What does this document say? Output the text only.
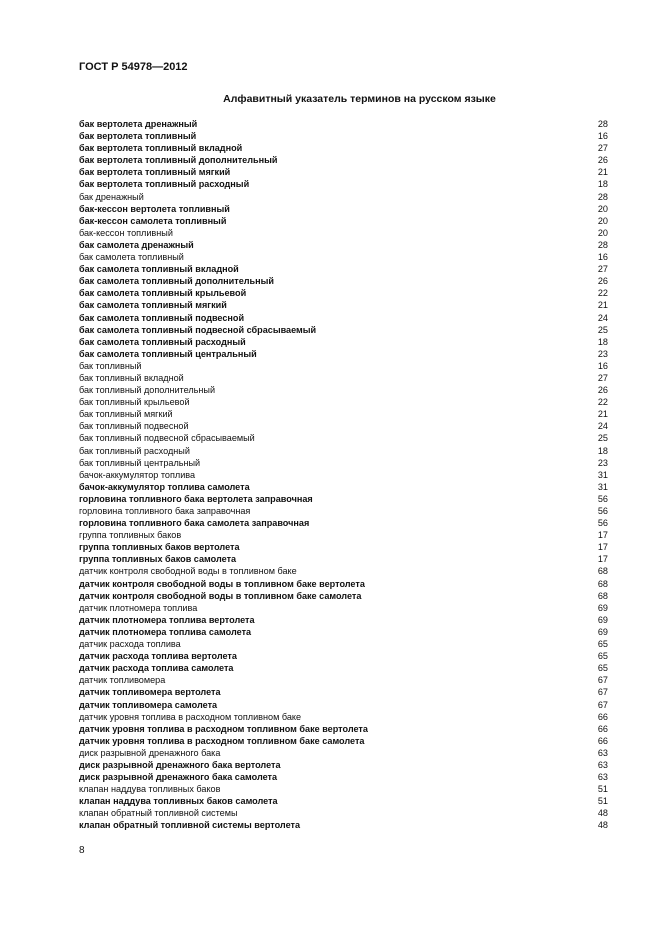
ГОСТ Р 54978—2012
Алфавитный указатель терминов на русском языке
бак вертолета дренажный	28
бак вертолета топливный	16
бак вертолета топливный вкладной	27
бак вертолета топливный дополнительный	26
бак вертолета топливный мягкий	21
бак вертолета топливный расходный	18
бак дренажный	28
бак-кессон вертолета топливный	20
бак-кессон самолета топливный	20
бак-кессон топливный	20
бак самолета дренажный	28
бак самолета топливный	16
бак самолета топливный вкладной	27
бак самолета топливный дополнительный	26
бак самолета топливный крыльевой	22
бак самолета топливный мягкий	21
бак самолета топливный подвесной	24
бак самолета топливный подвесной сбрасываемый	25
бак самолета топливный расходный	18
бак самолета топливный центральный	23
бак топливный	16
бак топливный вкладной	27
бак топливный дополнительный	26
бак топливный крыльевой	22
бак топливный мягкий	21
бак топливный подвесной	24
бак топливный подвесной сбрасываемый	25
бак топливный расходный	18
бак топливный центральный	23
бачок-аккумулятор топлива	31
бачок-аккумулятор топлива самолета	31
горловина топливного бака вертолета заправочная	56
горловина топливного бака заправочная	56
горловина топливного бака самолета заправочная	56
группа топливных баков	17
группа топливных баков вертолета	17
группа топливных баков самолета	17
датчик контроля свободной воды в топливном баке	68
датчик контроля свободной воды в топливном баке вертолета	68
датчик контроля свободной воды в топливном баке самолета	68
датчик плотномера топлива	69
датчик плотномера топлива вертолета	69
датчик плотномера топлива самолета	69
датчик расхода топлива	65
датчик расхода топлива вертолета	65
датчик расхода топлива самолета	65
датчик топливомера	67
датчик топливомера вертолета	67
датчик топливомера самолета	67
датчик уровня топлива в расходном топливном баке	66
датчик уровня топлива в расходном топливном баке вертолета	66
датчик уровня топлива в расходном топливном баке самолета	66
диск разрывной дренажного бака	63
диск разрывной дренажного бака вертолета	63
диск разрывной дренажного бака самолета	63
клапан наддува топливных баков	51
клапан наддува топливных баков самолета	51
клапан обратный топливной системы	48
клапан обратный топливной системы вертолета	48
8
